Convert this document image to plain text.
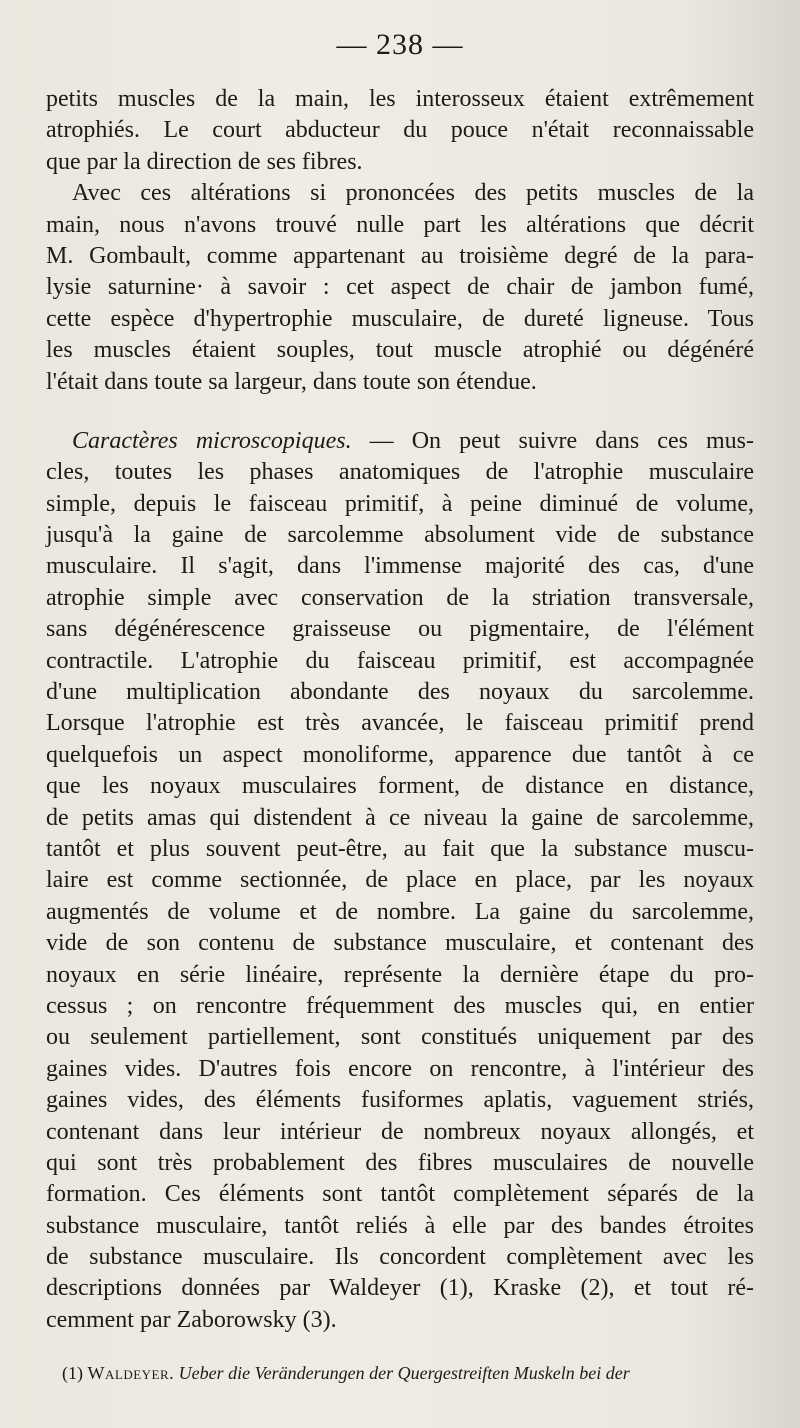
— 238 —
petits muscles de la main, les interosseux étaient extrêmement
atrophiés. Le court abducteur du pouce n'était reconnaissable
que par la direction de ses fibres.
Avec ces altérations si prononcées des petits muscles de la
main, nous n'avons trouvé nulle part les altérations que décrit
M. Gombault, comme appartenant au troisième degré de la para-
lysie saturnine· à savoir : cet aspect de chair de jambon fumé,
cette espèce d'hypertrophie musculaire, de dureté ligneuse. Tous
les muscles étaient souples, tout muscle atrophié ou dégénéré
l'était dans toute sa largeur, dans toute son étendue.
Caractères microscopiques. — On peut suivre dans ces mus-
cles, toutes les phases anatomiques de l'atrophie musculaire
simple, depuis le faisceau primitif, à peine diminué de volume,
jusqu'à la gaine de sarcolemme absolument vide de substance
musculaire. Il s'agit, dans l'immense majorité des cas, d'une
atrophie simple avec conservation de la striation transversale,
sans dégénérescence graisseuse ou pigmentaire, de l'élément
contractile. L'atrophie du faisceau primitif, est accompagnée
d'une multiplication abondante des noyaux du sarcolemme.
Lorsque l'atrophie est très avancée, le faisceau primitif prend
quelquefois un aspect monoliforme, apparence due tantôt à ce
que les noyaux musculaires forment, de distance en distance,
de petits amas qui distendent à ce niveau la gaine de sarcolemme,
tantôt et plus souvent peut-être, au fait que la substance muscu-
laire est comme sectionnée, de place en place, par les noyaux
augmentés de volume et de nombre. La gaine du sarcolemme,
vide de son contenu de substance musculaire, et contenant des
noyaux en série linéaire, représente la dernière étape du pro-
cessus ; on rencontre fréquemment des muscles qui, en entier
ou seulement partiellement, sont constitués uniquement par des
gaines vides. D'autres fois encore on rencontre, à l'intérieur des
gaines vides, des éléments fusiformes aplatis, vaguement striés,
contenant dans leur intérieur de nombreux noyaux allongés, et
qui sont très probablement des fibres musculaires de nouvelle
formation. Ces éléments sont tantôt complètement séparés de la
substance musculaire, tantôt reliés à elle par des bandes étroites
de substance musculaire. Ils concordent complètement avec les
descriptions données par Waldeyer (1), Kraske (2), et tout ré-
cemment par Zaborowsky (3).
(1) Waldeyer. Ueber die Veränderungen der Quergestreiften Muskeln bei der
